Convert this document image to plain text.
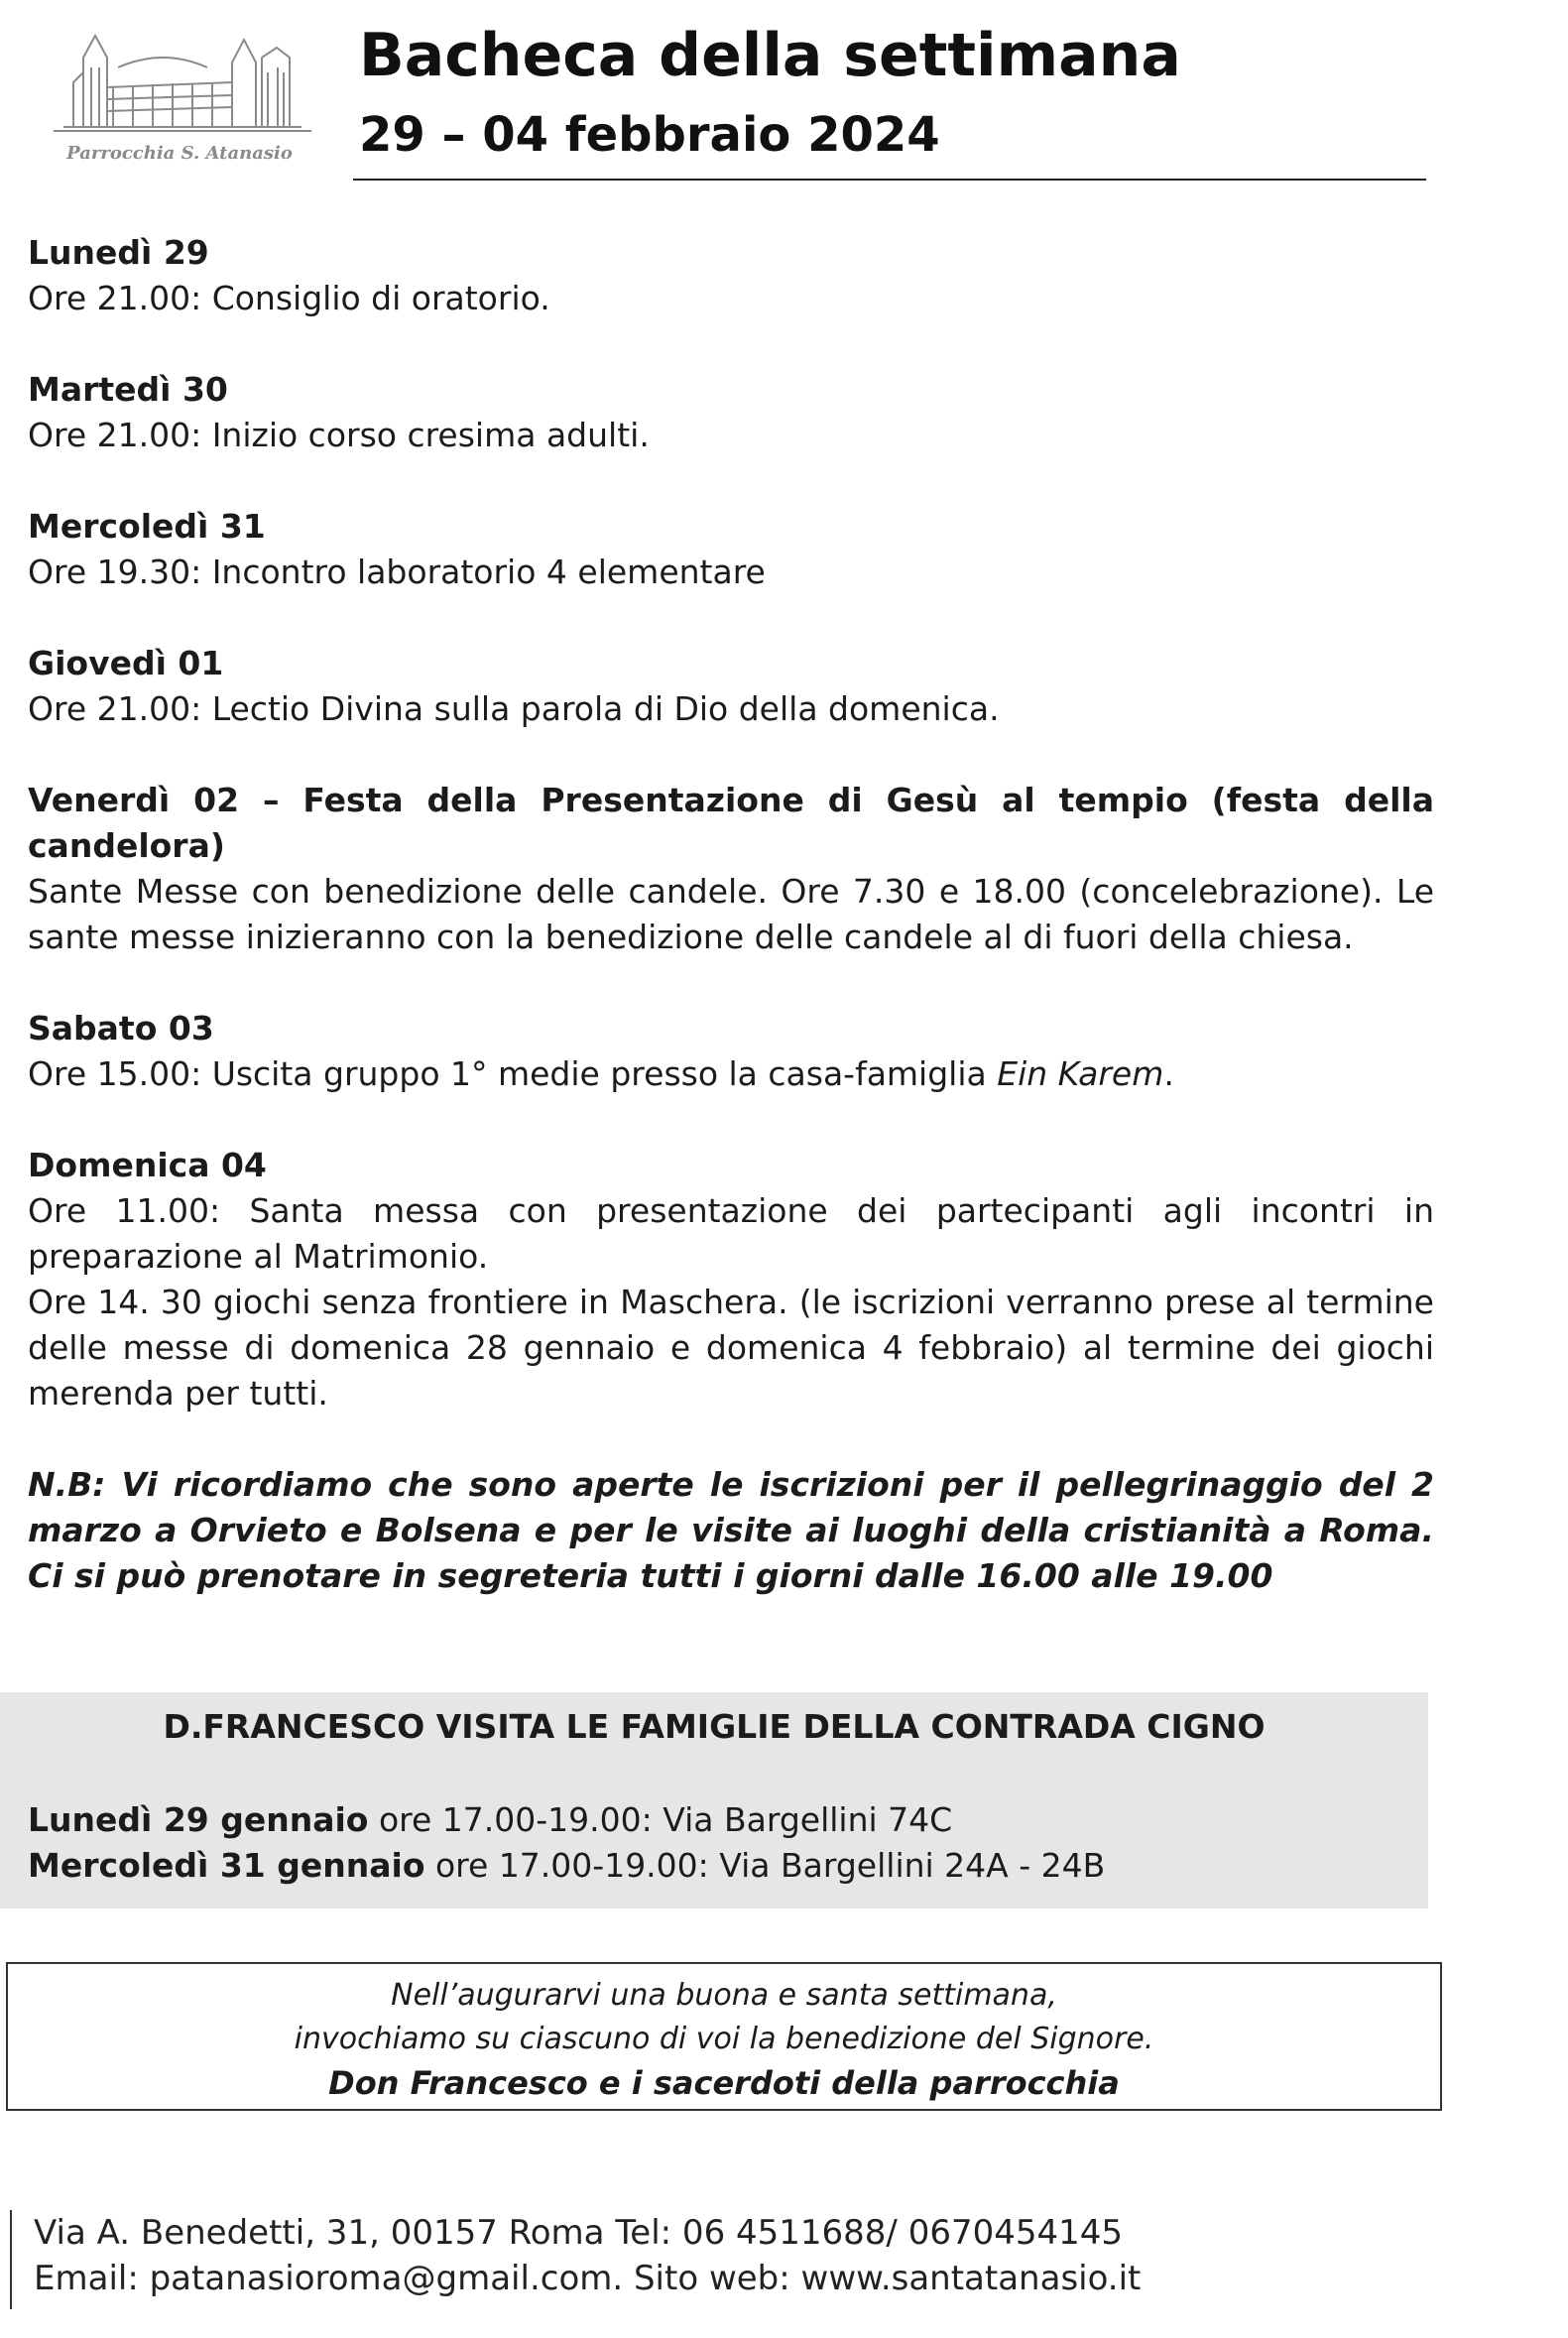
Parrocchia S. Atanasio
Bacheca della settimana
29 – 04 febbraio 2024
Lunedì 29
Ore 21.00: Consiglio di oratorio.
Martedì 30
Ore 21.00: Inizio corso cresima adulti.
Mercoledì 31
Ore 19.30: Incontro laboratorio 4 elementare
Giovedì 01
Ore 21.00: Lectio Divina sulla parola di Dio della domenica.
Venerdì 02 – Festa della Presentazione di Gesù al tempio (festa della candelora)
Sante Messe con benedizione delle candele. Ore 7.30 e 18.00 (concelebrazione). Le sante messe inizieranno con la benedizione delle candele al di fuori della chiesa.
Sabato 03
Ore 15.00: Uscita gruppo 1° medie presso la casa-famiglia Ein Karem.
Domenica 04
Ore 11.00: Santa messa con presentazione dei partecipanti agli incontri in preparazione al Matrimonio.
Ore 14. 30 giochi senza frontiere in Maschera. (le iscrizioni verranno prese al termine delle messe di domenica 28 gennaio e domenica 4 febbraio) al termine dei giochi merenda per tutti.
N.B: Vi ricordiamo che sono aperte le iscrizioni per il pellegrinaggio del 2 marzo a Orvieto e Bolsena e per le visite ai luoghi della cristianità a Roma. Ci si può prenotare in segreteria tutti i giorni dalle 16.00 alle 19.00
D.FRANCESCO VISITA LE FAMIGLIE DELLA CONTRADA CIGNO
Lunedì 29 gennaio ore 17.00-19.00: Via Bargellini 74C
Mercoledì 31 gennaio ore 17.00-19.00: Via Bargellini 24A - 24B
Nell’augurarvi una buona e santa settimana,
invochiamo su ciascuno di voi la benedizione del Signore.
Don Francesco e i sacerdoti della parrocchia
Via A. Benedetti, 31, 00157 Roma Tel: 06 4511688/ 0670454145
Email: patanasioroma@gmail.com. Sito web: www.santatanasio.it
